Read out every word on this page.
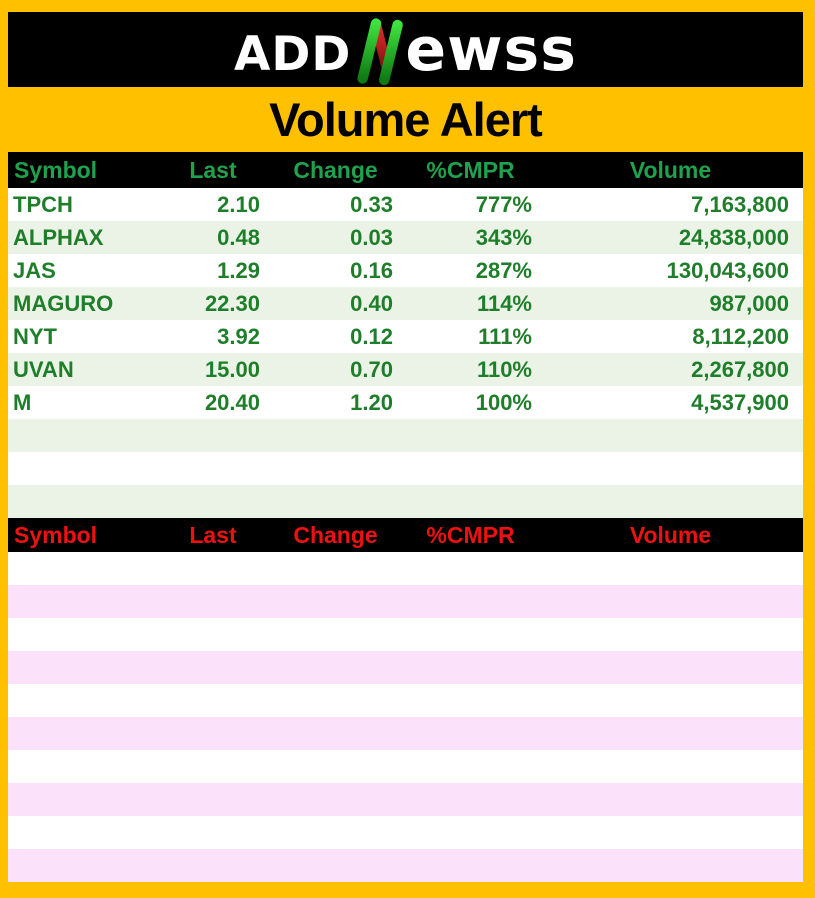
ADD ewss
Volume Alert
Symbol	Last	Change	%CMPR	Volume
TPCH	2.10	0.33	777%	7,163,800
ALPHAX	0.48	0.03	343%	24,838,000
JAS	1.29	0.16	287%	130,043,600
MAGURO	22.30	0.40	114%	987,000
NYT	3.92	0.12	111%	8,112,200
UVAN	15.00	0.70	110%	2,267,800
M	20.40	1.20	100%	4,537,900

Symbol	Last	Change	%CMPR	Volume
